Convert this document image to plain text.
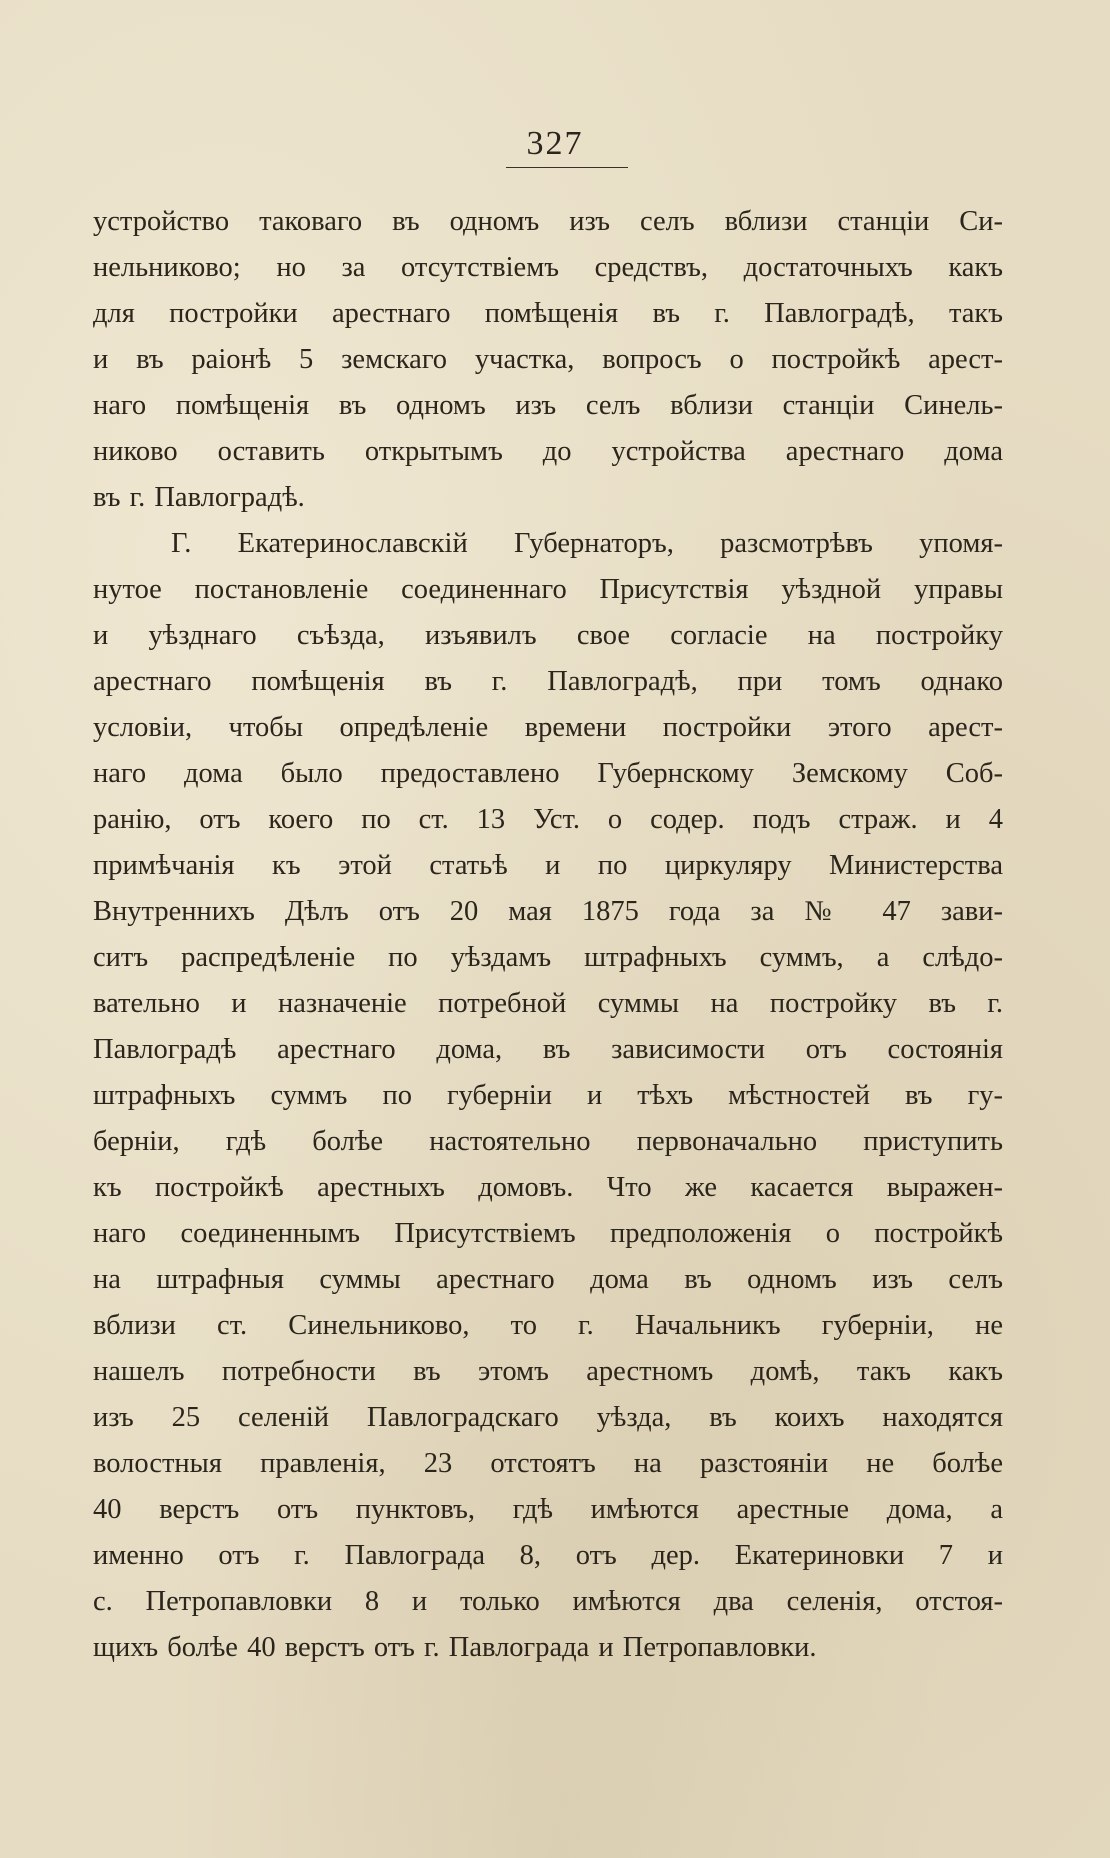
327
устройство таковаго въ одномъ изъ селъ вблизи станціи Си-
нельниково; но за отсутствіемъ средствъ, достаточныхъ какъ
для постройки арестнаго помѣщенія въ г. Павлоградѣ, такъ
и въ раіонѣ 5 земскаго участка, вопросъ о постройкѣ арест-
наго помѣщенія въ одномъ изъ селъ вблизи станціи Синель-
никово оставить открытымъ до устройства арестнаго дома
въ г. Павлоградѣ.
Г. Екатеринославскій Губернаторъ, разсмотрѣвъ упомя-
нутое постановленіе соединеннаго Присутствія уѣздной управы
и уѣзднаго съѣзда, изъявилъ свое согласіе на постройку
арестнаго помѣщенія въ г. Павлоградѣ, при томъ однако
условіи, чтобы опредѣленіе времени постройки этого арест-
наго дома было предоставлено Губернскому Земскому Соб-
ранію, отъ коего по ст. 13 Уст. о содер. подъ страж. и 4
примѣчанія къ этой статьѣ и по циркуляру Министерства
Внутреннихъ Дѣлъ отъ 20 мая 1875 года за № 47 зави-
ситъ распредѣленіе по уѣздамъ штрафныхъ суммъ, а слѣдо-
вательно и назначеніе потребной суммы на постройку въ г.
Павлоградѣ арестнаго дома, въ зависимости отъ состоянія
штрафныхъ суммъ по губерніи и тѣхъ мѣстностей въ гу-
берніи, гдѣ болѣе настоятельно первоначально приступить
къ постройкѣ арестныхъ домовъ. Что же касается выражен-
наго соединеннымъ Присутствіемъ предположенія о постройкѣ
на штрафныя суммы арестнаго дома въ одномъ изъ селъ
вблизи ст. Синельниково, то г. Начальникъ губерніи, не
нашелъ потребности въ этомъ арестномъ домѣ, такъ какъ
изъ 25 селеній Павлоградскаго уѣзда, въ коихъ находятся
волостныя правленія, 23 отстоятъ на разстояніи не болѣе
40 верстъ отъ пунктовъ, гдѣ имѣются арестные дома, а
именно отъ г. Павлограда 8, отъ дер. Екатериновки 7 и
с. Петропавловки 8 и только имѣются два селенія, отстоя-
щихъ болѣе 40 верстъ отъ г. Павлограда и Петропавловки.
